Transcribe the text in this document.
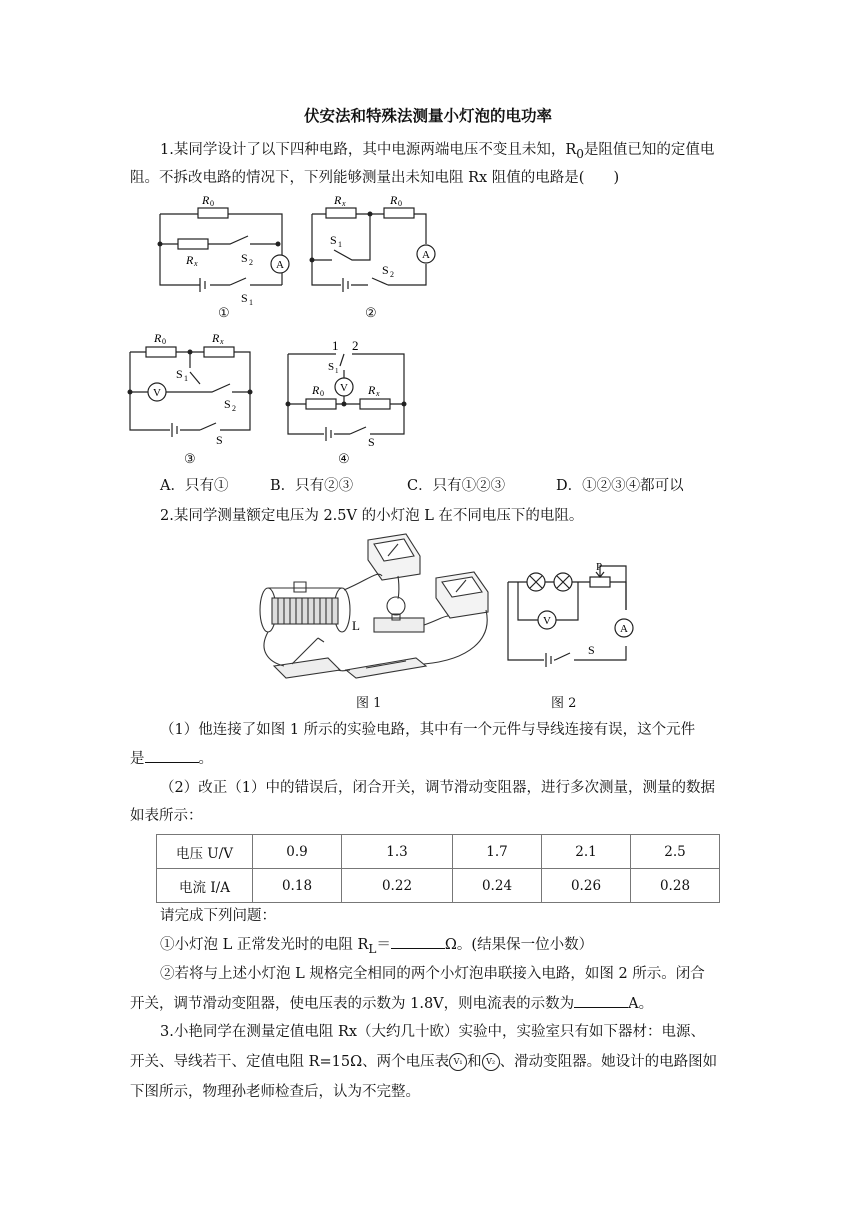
伏安法和特殊法测量小灯泡的电功率
1.某同学设计了以下四种电路，其中电源两端电压不变且未知，$R_0$是阻值已知的定值电
阻。不拆改电路的情况下，下列能够测量出未知电阻 Rx 阻值的电路是(　　)
R 0
R x	S 2 A
S 1
①
R x	R 0
S 1
A
S 2
②
R 0	R x
V
S 1
S 2
S
③
1 2
S 1
V
R 0	R x
S
④
A．只有①	B．只有②③	C．只有①②③	D．①②③④都可以
2.某同学测量额定电压为 2.5V 的小灯泡 L 在不同电压下的电阻。
L
图 1
P
V
A
S
图 2
（1）他连接了如图 1 所示的实验电路，其中有一个元件与导线连接有误，这个元件
是	。
（2）改正（1）中的错误后，闭合开关，调节滑动变阻器，进行多次测量，测量的数据
如表所示：
电压 U/V	0.9	1.3	1.7	2.1	2.5
电流 I/A	0.18	0.22	0.24	0.26	0.28
请完成下列问题：
①小灯泡 L 正常发光时的电阻 $R_L=$	Ω。(结果保一位小数）
②若将与上述小灯泡 L 规格完全相同的两个小灯泡串联接入电路，如图 2 所示。闭合
开关，调节滑动变阻器，使电压表的示数为 1.8V，则电流表的示数为	A。
3.小艳同学在测量定值电阻 Rx（大约几十欧）实验中，实验室只有如下器材：电源、
开关、导线若干、定值电阻 R=15Ω、两个电压表 V₁ 和 V₂ 、滑动变阻器。她设计的电路图如
下图所示，物理孙老师检查后，认为不完整。
